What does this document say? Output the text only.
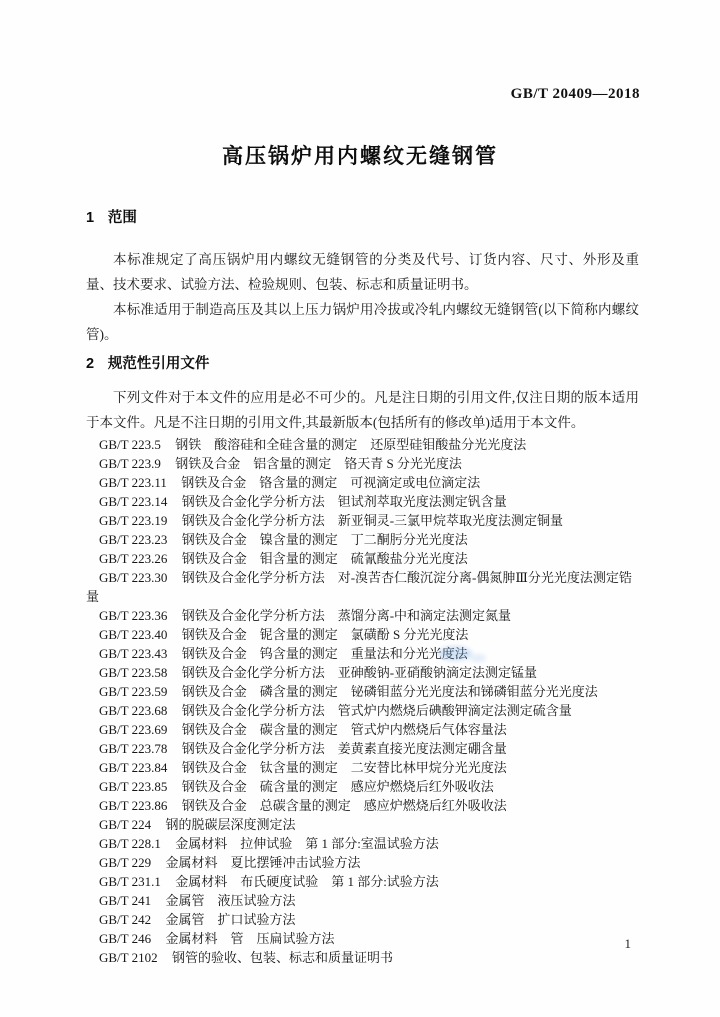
GB/T 20409—2018
高压锅炉用内螺纹无缝钢管
1 范围

本标准规定了高压锅炉用内螺纹无缝钢管的分类及代号、订货内容、尺寸、外形及重量、技术要求、试验方法、检验规则、包装、标志和质量证明书。

本标准适用于制造高压及其以上压力锅炉用冷拔或冷轧内螺纹无缝钢管(以下简称内螺纹管)。

2 规范性引用文件

下列文件对于本文件的应用是必不可少的。凡是注日期的引用文件,仅注日期的版本适用于本文件。凡是不注日期的引用文件,其最新版本(包括所有的修改单)适用于本文件。

GB/T 223.5 钢铁　酸溶硅和全硅含量的测定　还原型硅钼酸盐分光光度法
GB/T 223.9 钢铁及合金　铝含量的测定　铬天青 S 分光光度法
GB/T 223.11 钢铁及合金　铬含量的测定　可视滴定或电位滴定法
GB/T 223.14 钢铁及合金化学分析方法　钽试剂萃取光度法测定钒含量
GB/T 223.19 钢铁及合金化学分析方法　新亚铜灵-三氯甲烷萃取光度法测定铜量
GB/T 223.23 钢铁及合金　镍含量的测定　丁二酮肟分光光度法
GB/T 223.26 钢铁及合金　钼含量的测定　硫氰酸盐分光光度法
GB/T 223.30 钢铁及合金化学分析方法　对-溴苦杏仁酸沉淀分离-偶氮胂Ⅲ分光光度法测定锆量
GB/T 223.36 钢铁及合金化学分析方法　蒸馏分离-中和滴定法测定氮量
GB/T 223.40 钢铁及合金　铌含量的测定　氯磺酚 S 分光光度法
GB/T 223.43 钢铁及合金　钨含量的测定　重量法和分光光度法
GB/T 223.58 钢铁及合金化学分析方法　亚砷酸钠-亚硝酸钠滴定法测定锰量
GB/T 223.59 钢铁及合金　磷含量的测定　铋磷钼蓝分光光度法和锑磷钼蓝分光光度法
GB/T 223.68 钢铁及合金化学分析方法　管式炉内燃烧后碘酸钾滴定法测定硫含量
GB/T 223.69 钢铁及合金　碳含量的测定　管式炉内燃烧后气体容量法
GB/T 223.78 钢铁及合金化学分析方法　姜黄素直接光度法测定硼含量
GB/T 223.84 钢铁及合金　钛含量的测定　二安替比林甲烷分光光度法
GB/T 223.85 钢铁及合金　硫含量的测定　感应炉燃烧后红外吸收法
GB/T 223.86 钢铁及合金　总碳含量的测定　感应炉燃烧后红外吸收法
GB/T 224 钢的脱碳层深度测定法
GB/T 228.1 金属材料　拉伸试验　第 1 部分:室温试验方法
GB/T 229 金属材料　夏比摆锤冲击试验方法
GB/T 231.1 金属材料　布氏硬度试验　第 1 部分:试验方法
GB/T 241 金属管　液压试验方法
GB/T 242 金属管　扩口试验方法
GB/T 246 金属材料　管　压扁试验方法
GB/T 2102 钢管的验收、包装、标志和质量证明书
1
